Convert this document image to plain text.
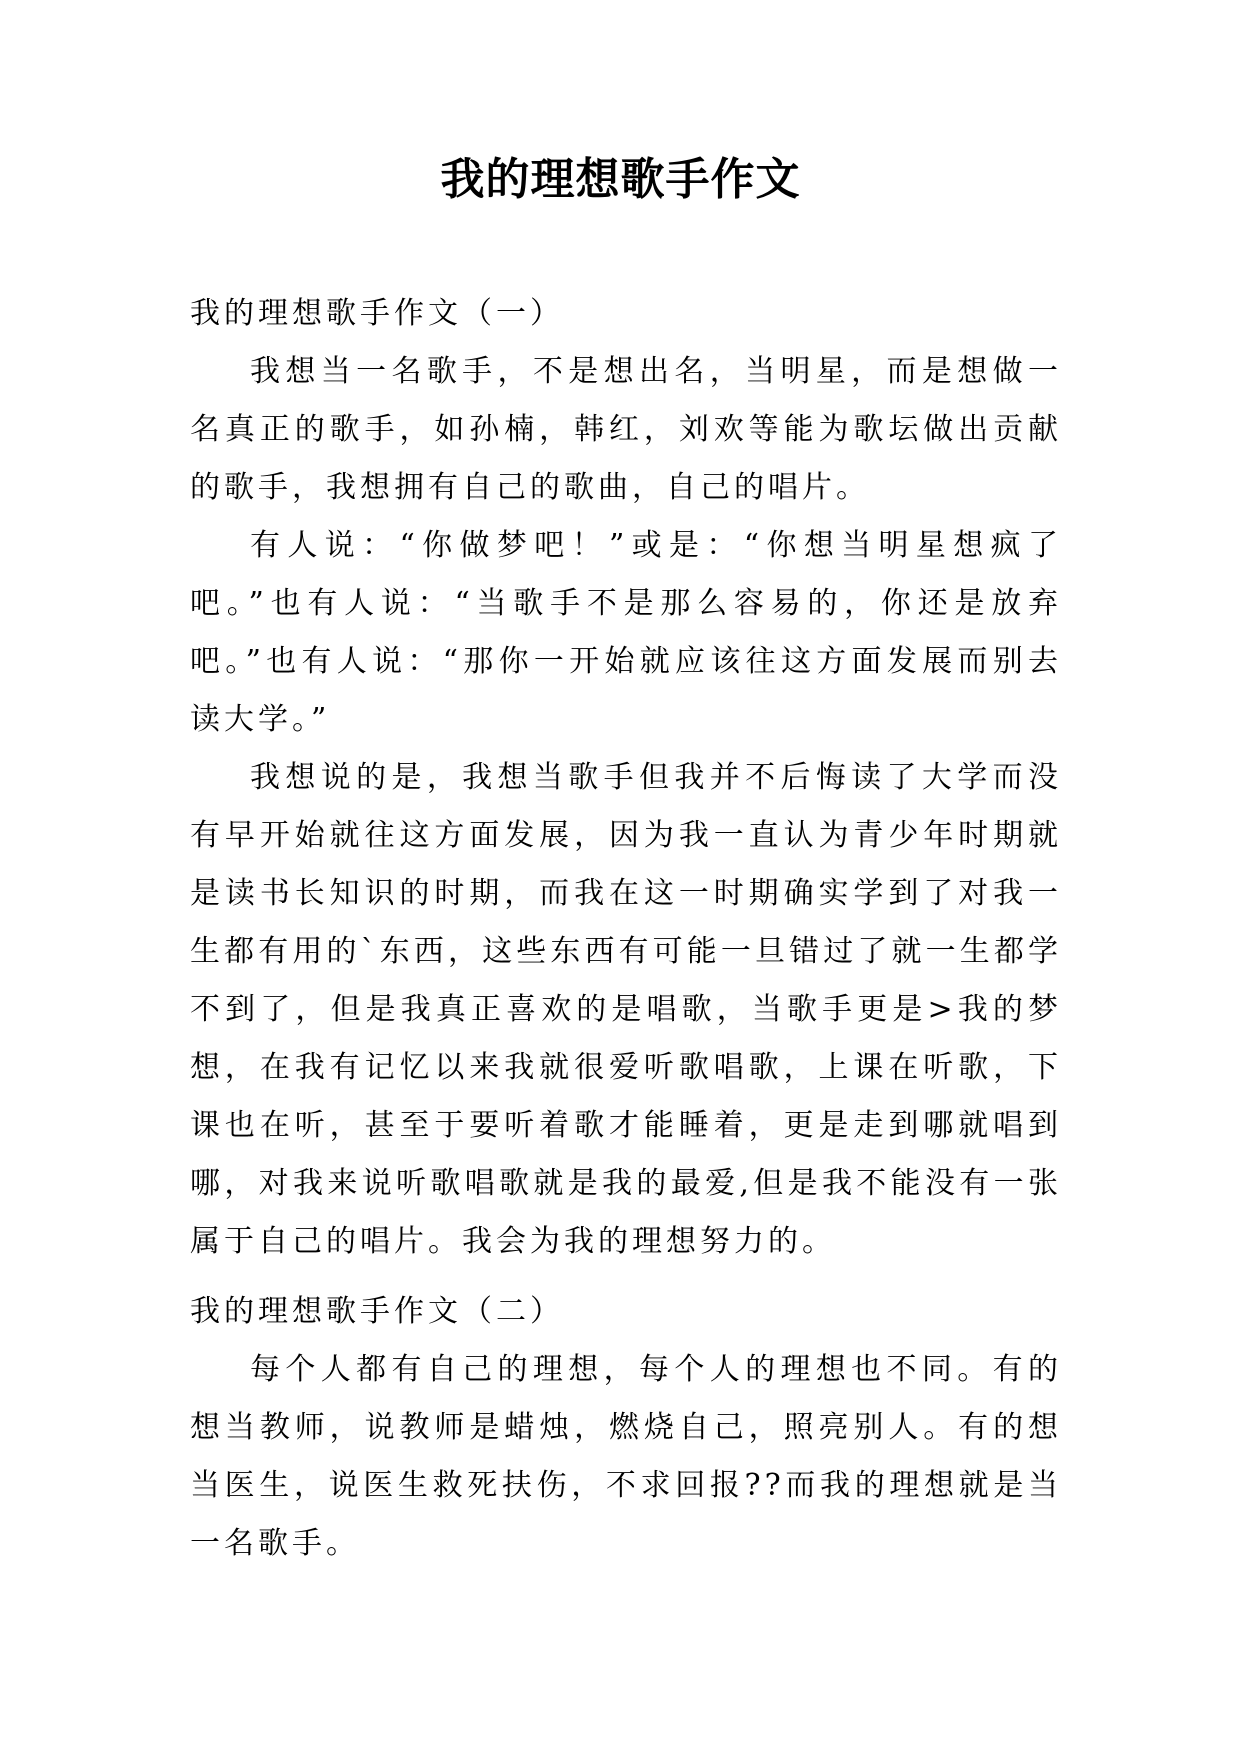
我的理想歌手作文
我的理想歌手作文（一）

我想当一名歌手，不是想出名，当明星，而是想做一名真正的歌手，如孙楠，韩红，刘欢等能为歌坛做出贡献的歌手，我想拥有自己的歌曲，自己的唱片。

有人说：“你做梦吧！”或是：“你想当明星想疯了吧。”也有人说：“当歌手不是那么容易的，你还是放弃吧。”也有人说：“那你一开始就应该往这方面发展而别去读大学。”

我想说的是，我想当歌手但我并不后悔读了大学而没有早开始就往这方面发展，因为我一直认为青少年时期就是读书长知识的时期，而我在这一时期确实学到了对我一生都有用的`东西，这些东西有可能一旦错过了就一生都学不到了，但是我真正喜欢的是唱歌，当歌手更是>我的梦想，在我有记忆以来我就很爱听歌唱歌，上课在听歌，下课也在听，甚至于要听着歌才能睡着，更是走到哪就唱到哪，对我来说听歌唱歌就是我的最爱,但是我不能没有一张属于自己的唱片。我会为我的理想努力的。

我的理想歌手作文（二）

每个人都有自己的理想，每个人的理想也不同。有的想当教师，说教师是蜡烛，燃烧自己，照亮别人。有的想当医生，说医生救死扶伤，不求回报??而我的理想就是当一名歌手。
